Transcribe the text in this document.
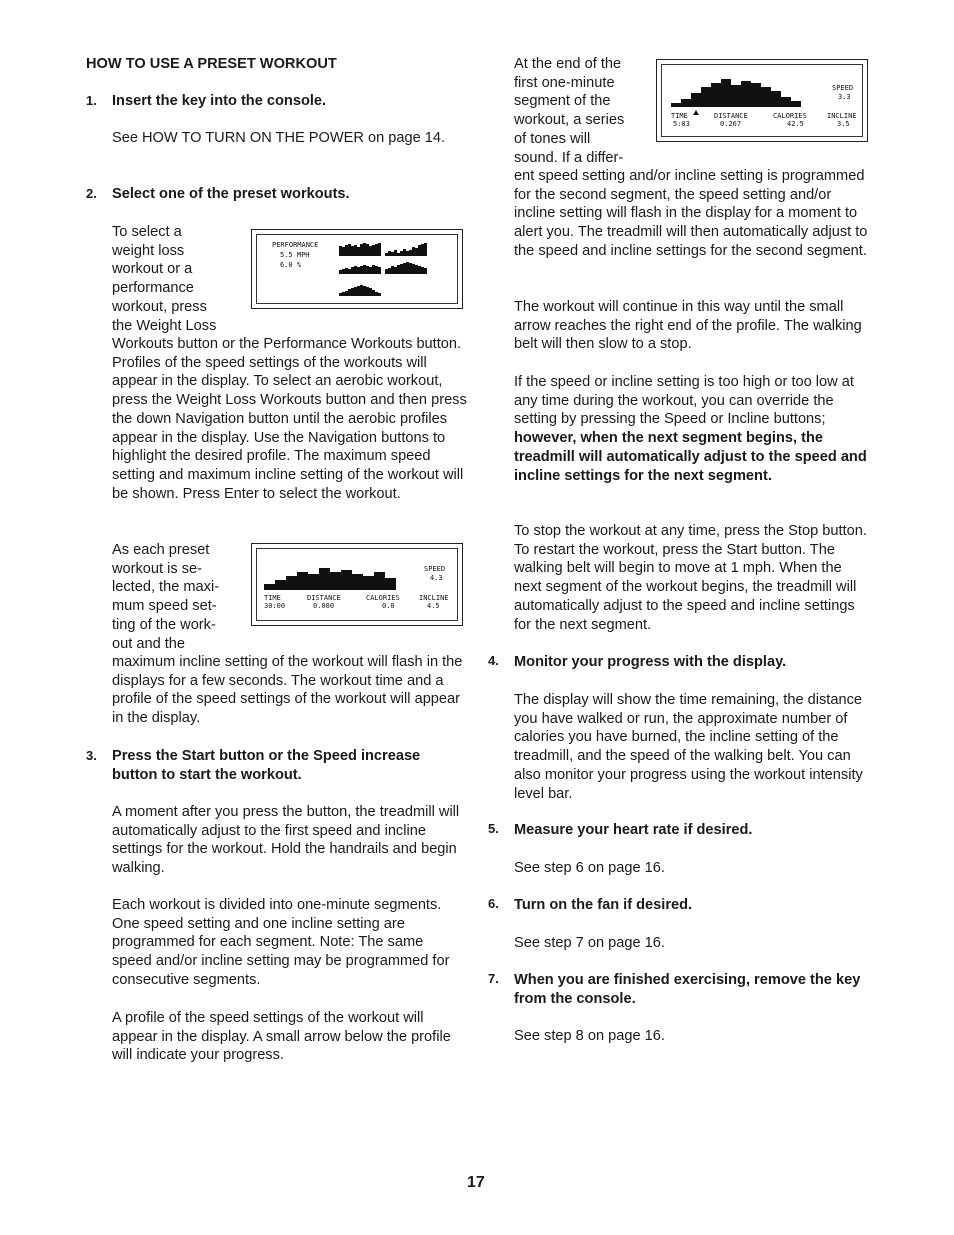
HOW TO USE A PRESET WORKOUT
1. Insert the key into the console.
See HOW TO TURN ON THE POWER on page 14.
2. Select one of the preset workouts.
To select a
weight loss
workout or a
performance
workout, press
the Weight Loss
Workouts button or the Performance Workouts button. Profiles of the speed settings of the workouts will appear in the display. To select an aerobic workout, press the Weight Loss Workouts button and then press the down Navigation button until the aerobic profiles appear in the display. Use the Navigation buttons to highlight the desired profile. The maximum speed setting and maximum incline setting of the workout will be shown. Press Enter to select the workout.
PERFORMANCE
5.5 MPH
6.0 %
As each preset
workout is se-
lected, the maxi-
mum speed set-
ting of the work-
out and the
maximum incline setting of the workout will flash in the displays for a few seconds. The workout time and a profile of the speed settings of the workout will appear in the display.
SPEED
4.3
TIME
30:00
DISTANCE
0.000
CALORIES
0.0
INCLINE
4.5
3. Press the Start button or the Speed increase button to start the workout.
A moment after you press the button, the treadmill will automatically adjust to the first speed and incline settings for the workout. Hold the handrails and begin walking.
Each workout is divided into one-minute segments. One speed setting and one incline setting are programmed for each segment. Note: The same speed and/or incline setting may be programmed for consecutive segments.
A profile of the speed settings of the workout will appear in the display. A small arrow below the profile will indicate your progress.
At the end of the
first one-minute
segment of the
workout, a series
of tones will
sound. If a differ-
SPEED
3.3
TIME
5:03
DISTANCE
0.267
CALORIES
42.5
INCLINE
3.5
ent speed setting and/or incline setting is programmed for the second segment, the speed setting and/or incline setting will flash in the display for a moment to alert you. The treadmill will then automatically adjust to the speed and incline settings for the second segment.
The workout will continue in this way until the small arrow reaches the right end of the profile. The walking belt will then slow to a stop.
If the speed or incline setting is too high or too low at any time during the workout, you can override the setting by pressing the Speed or Incline buttons; however, when the next segment begins, the treadmill will automatically adjust to the speed and incline settings for the next segment.
To stop the workout at any time, press the Stop button. To restart the workout, press the Start button. The walking belt will begin to move at 1 mph. When the next segment of the workout begins, the treadmill will automatically adjust to the speed and incline settings for the next segment.
4. Monitor your progress with the display.
The display will show the time remaining, the distance you have walked or run, the approximate number of calories you have burned, the incline setting of the treadmill, and the speed of the walking belt. You can also monitor your progress using the workout intensity level bar.
5. Measure your heart rate if desired.
See step 6 on page 16.
6. Turn on the fan if desired.
See step 7 on page 16.
7. When you are finished exercising, remove the key from the console.
See step 8 on page 16.
17
